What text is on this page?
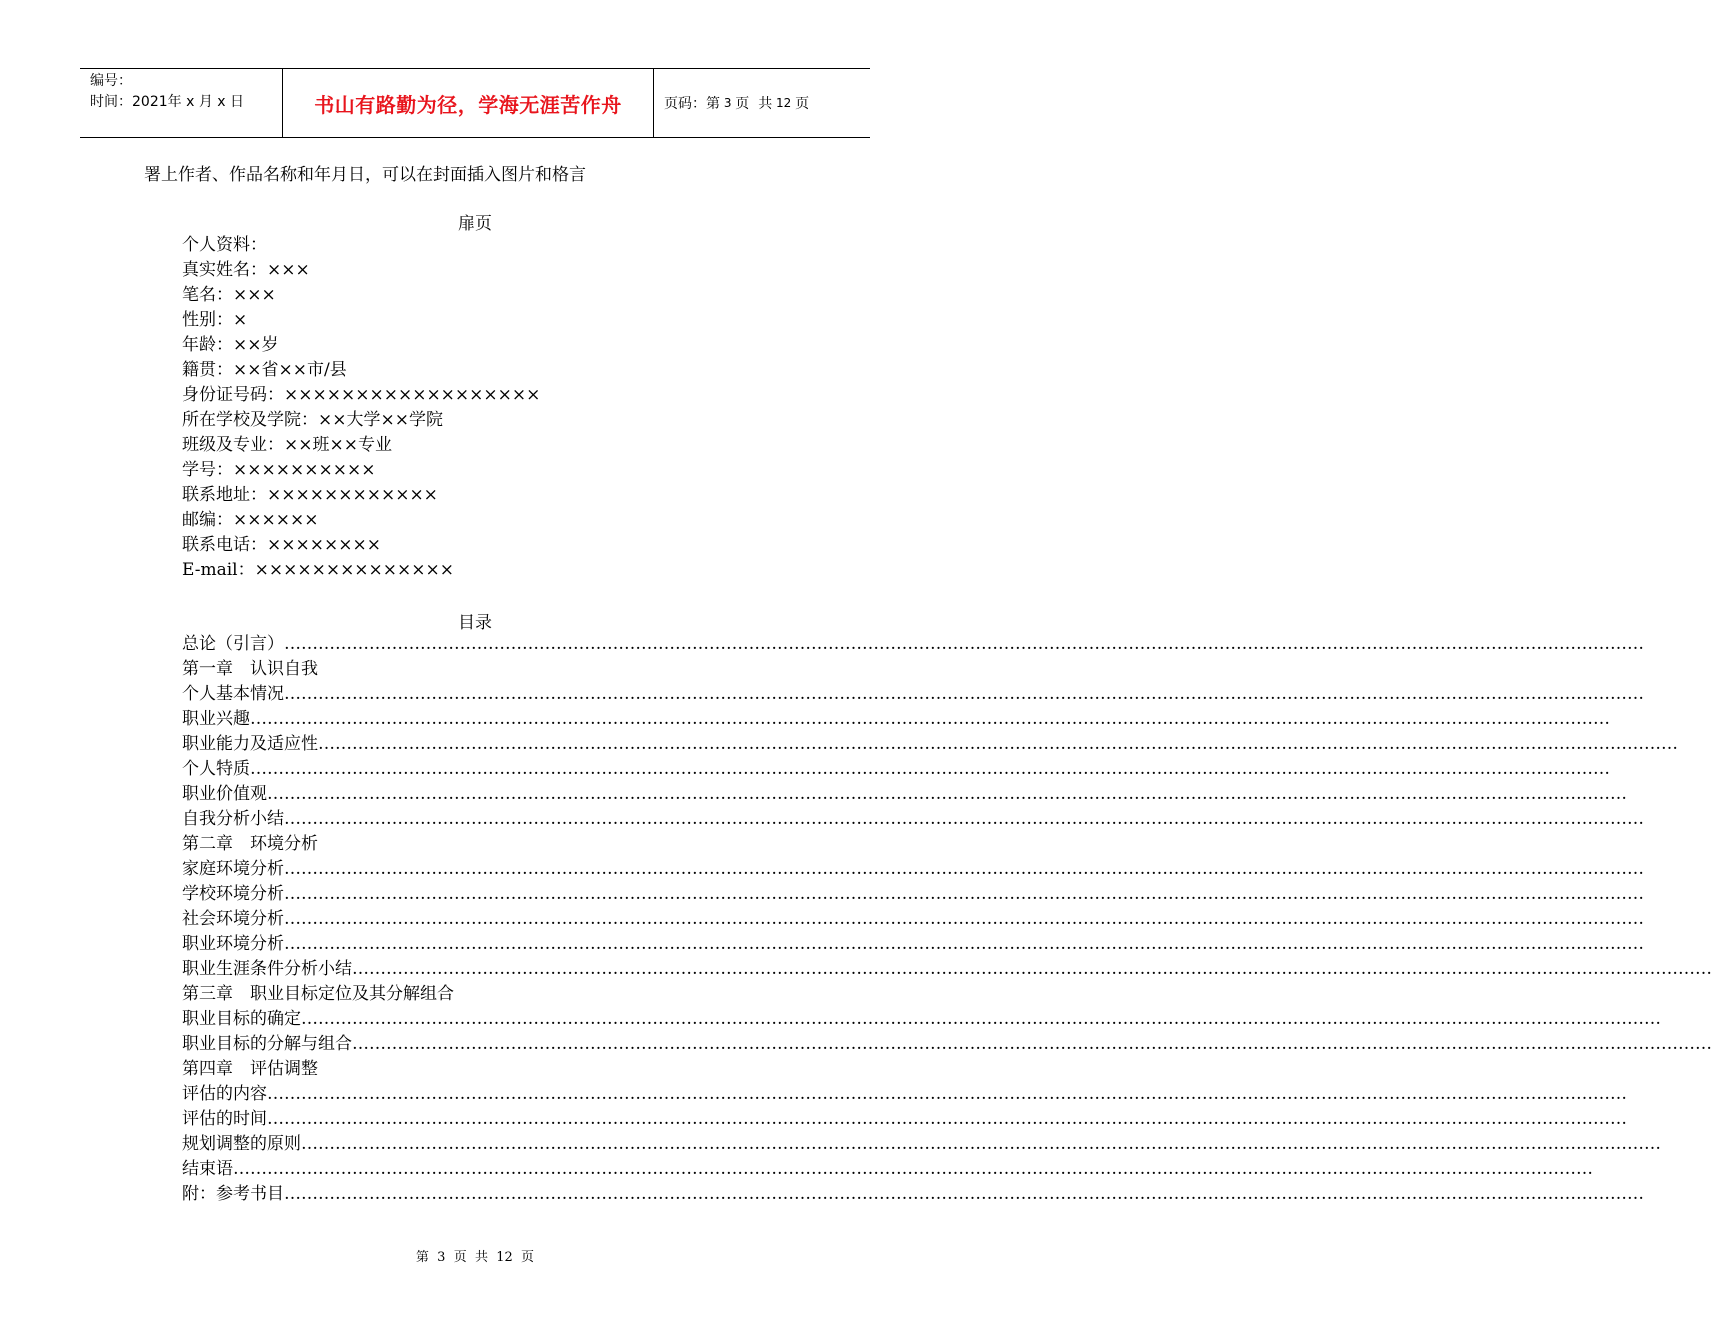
编号：
时间：2021年 x 月 x 日	书山有路勤为径，学海无涯苦作舟	页码：第
3
页  共
12
页
署上作者、作品名称和年月日，可以在封面插入图片和格言
扉页
个人资料：
真实姓名：×××
笔名：×××
性别：×
年龄：××岁
籍贯：××省××市/县
身份证号码：××××××××××××××××××
所在学校及学院：××大学××学院
班级及专业：××班××专业
学号：××××××××××
联系地址：××××××××××××
邮编：××××××
联系电话：××××××××
E-mail：××××××××××××××
目录
总论（引言）……………………………………………………………………………………………………………………………………………………………………………………………………………………
第一章　认识自我
个人基本情况……………………………………………………………………………………………………………………………………………………………………………………………………………………
职业兴趣……………………………………………………………………………………………………………………………………………………………………………………………………………………
职业能力及适应性……………………………………………………………………………………………………………………………………………………………………………………………………………………
个人特质……………………………………………………………………………………………………………………………………………………………………………………………………………………
职业价值观……………………………………………………………………………………………………………………………………………………………………………………………………………………
自我分析小结……………………………………………………………………………………………………………………………………………………………………………………………………………………
第二章　环境分析
家庭环境分析……………………………………………………………………………………………………………………………………………………………………………………………………………………
学校环境分析……………………………………………………………………………………………………………………………………………………………………………………………………………………
社会环境分析……………………………………………………………………………………………………………………………………………………………………………………………………………………
职业环境分析……………………………………………………………………………………………………………………………………………………………………………………………………………………
职业生涯条件分析小结……………………………………………………………………………………………………………………………………………………………………………………………………………………
第三章　职业目标定位及其分解组合
职业目标的确定……………………………………………………………………………………………………………………………………………………………………………………………………………………
职业目标的分解与组合……………………………………………………………………………………………………………………………………………………………………………………………………………………
第四章　评估调整
评估的内容……………………………………………………………………………………………………………………………………………………………………………………………………………………
评估的时间……………………………………………………………………………………………………………………………………………………………………………………………………………………
规划调整的原则……………………………………………………………………………………………………………………………………………………………………………………………………………………
结束语……………………………………………………………………………………………………………………………………………………………………………………………………………………
附：参考书目……………………………………………………………………………………………………………………………………………………………………………………………………………………
第  3  页  共  12  页
